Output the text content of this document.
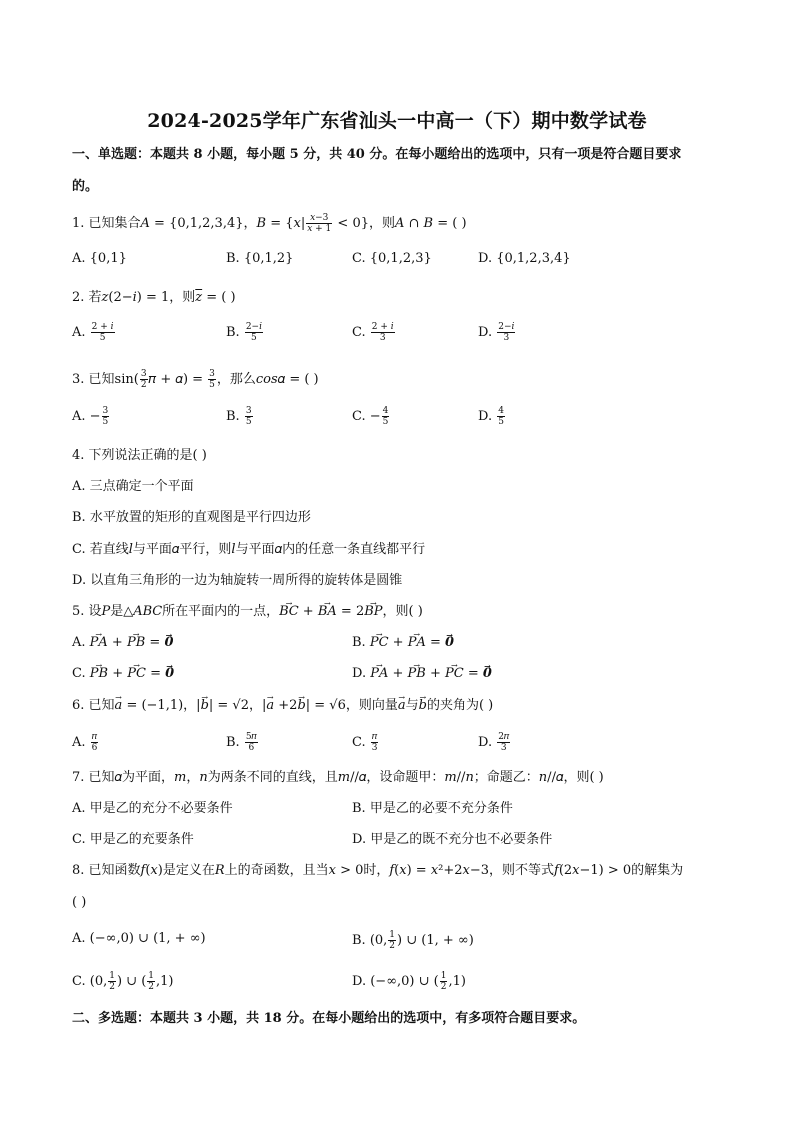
2024-2025学年广东省汕头一中高一（下）期中数学试卷
一、单选题：本题共 8 小题，每小题 5 分，共 40 分。在每小题给出的选项中，只有一项是符合题目要求
的。
1. 已知集合𝐴 = {0,1,2,3,4}，𝐵 = {𝑥| $\frac{\text{𝑥−3}}{\text{𝑥 + 1}} < 0$}，则𝐴 ∩ 𝐵 = ( )
A. {0,1}	B. {0,1,2}	C. {0,1,2,3}	D. {0,1,2,3,4}
2. 若𝑧(2−𝑖) = 1，则𝑧 = ( )
A. $\frac{\text{2 + 𝑖}}{5}$	B. $\frac{\text{2−𝑖}}{5}$	C. $\frac{\text{2 + 𝑖}}{3}$	D. $\frac{\text{2−𝑖}}{3}$
3. 已知$\sin( \frac{3}{2}$ 𝜋 + 𝛼) = $\frac{3}{5}$ ，那么𝑐𝑜𝑠𝛼 = ( )
A. − $\frac{3}{5}$	B. $\frac{3}{5}$	C. − $\frac{4}{5}$	D. $\frac{4}{5}$
4. 下列说法正确的是( )
A. 三点确定一个平面
B. 水平放置的矩形的直观图是平行四边形
C. 若直线𝑙与平面𝛼平行，则𝑙与平面𝛼内的任意一条直线都平行
D. 以直角三角形的一边为轴旋转一周所得的旋转体是圆锥
5. 设𝑃是△𝐴𝐵𝐶所在平面内的一点，→ 𝐵𝐶 + → 𝐵𝐴 = 2→ 𝐵𝑃，则( )
A. → 𝑃𝐴 + → 𝑃𝐵 = → 0	B. → 𝑃𝐶 + → 𝑃𝐴 = → 0
C. → 𝑃𝐵 + → 𝑃𝐶 = → 0	D. → 𝑃𝐴 + → 𝑃𝐵 + → 𝑃𝐶 = → 0
6. 已知→ 𝑎 = (−1,1)，|→ 𝑏| = √2，|→ 𝑎 +2→ 𝑏| = √6，则向量→ 𝑎与→ 𝑏的夹角为( )
A. $\frac{\text{𝜋}}{6}$	B. $\frac{\text{5𝜋}}{6}$	C. $\frac{\text{𝜋}}{3}$	D. $\frac{\text{2𝜋}}{3}$
7. 已知𝛼为平面，𝑚，𝑛为两条不同的直线，且𝑚//𝛼，设命题甲：𝑚//𝑛；命题乙：𝑛//𝛼，则( )
A. 甲是乙的充分不必要条件	B. 甲是乙的必要不充分条件
C. 甲是乙的充要条件	D. 甲是乙的既不充分也不必要条件
8. 已知函数𝑓(𝑥)是定义在𝑅上的奇函数，且当𝑥 > 0时，𝑓(𝑥) = 𝑥²+2𝑥−3，则不等式𝑓(2𝑥−1) > 0的解集为
( )
A. (−∞,0) ∪ (1, + ∞)	B. (0, $\frac{1}{2}$ ) ∪ (1, + ∞)
C. (0, $\frac{1}{2}$ ) ∪ ( $\frac{1}{2} ,1$)	D. (−∞,0) ∪ ( $\frac{1}{2} ,1$)
二、多选题：本题共 3 小题，共 18 分。在每小题给出的选项中，有多项符合题目要求。
